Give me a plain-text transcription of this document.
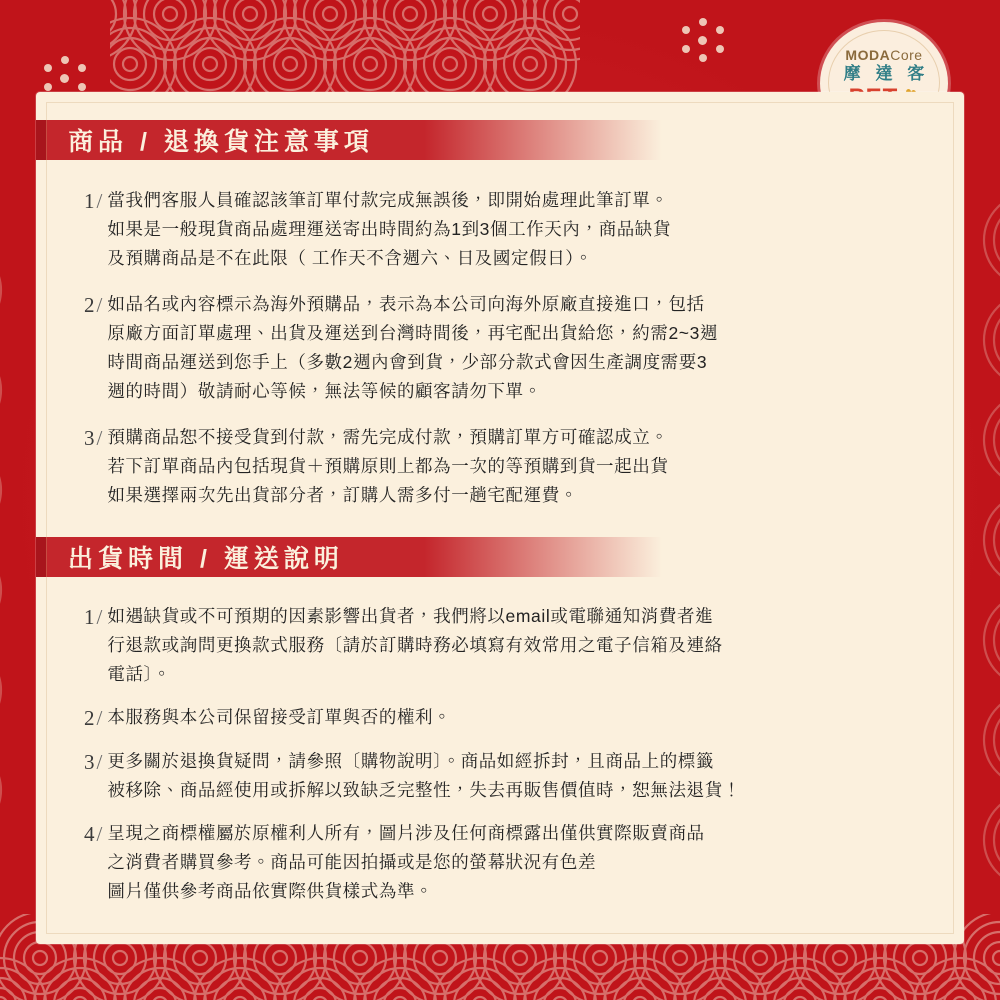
MODACore
摩 達 客
商品 / 退換貨注意事項
1/ 當我們客服人員確認該筆訂單付款完成無誤後，即開始處理此筆訂單。

如果是一般現貨商品處理運送寄出時間約為1到3個工作天內，商品缺貨

及預購商品是不在此限（ 工作天不含週六、日及國定假日）。

2/ 如品名或內容標示為海外預購品，表示為本公司向海外原廠直接進口，包括

原廠方面訂單處理、出貨及運送到台灣時間後，再宅配出貨給您，約需2~3週

時間商品運送到您手上（多數2週內會到貨，少部分款式會因生產調度需要3

週的時間）敬請耐心等候，無法等候的顧客請勿下單。

3/ 預購商品恕不接受貨到付款，需先完成付款，預購訂單方可確認成立。

若下訂單商品內包括現貨＋預購原則上都為一次的等預購到貨一起出貨

如果選擇兩次先出貨部分者，訂購人需多付一趟宅配運費。

出貨時間 / 運送說明
1/ 如遇缺貨或不可預期的因素影響出貨者，我們將以email或電聯通知消費者進

行退款或詢問更換款式服務〔請於訂購時務必填寫有效常用之電子信箱及連絡

電話〕。

2/ 本服務與本公司保留接受訂單與否的權利。

3/ 更多關於退換貨疑問，請參照〔購物說明〕。商品如經拆封，且商品上的標籤

被移除、商品經使用或拆解以致缺乏完整性，失去再販售價值時，恕無法退貨！

4/ 呈現之商標權屬於原權利人所有，圖片涉及任何商標露出僅供實際販賣商品

之消費者購買參考。商品可能因拍攝或是您的螢幕狀況有色差

圖片僅供參考商品依實際供貨樣式為準。
